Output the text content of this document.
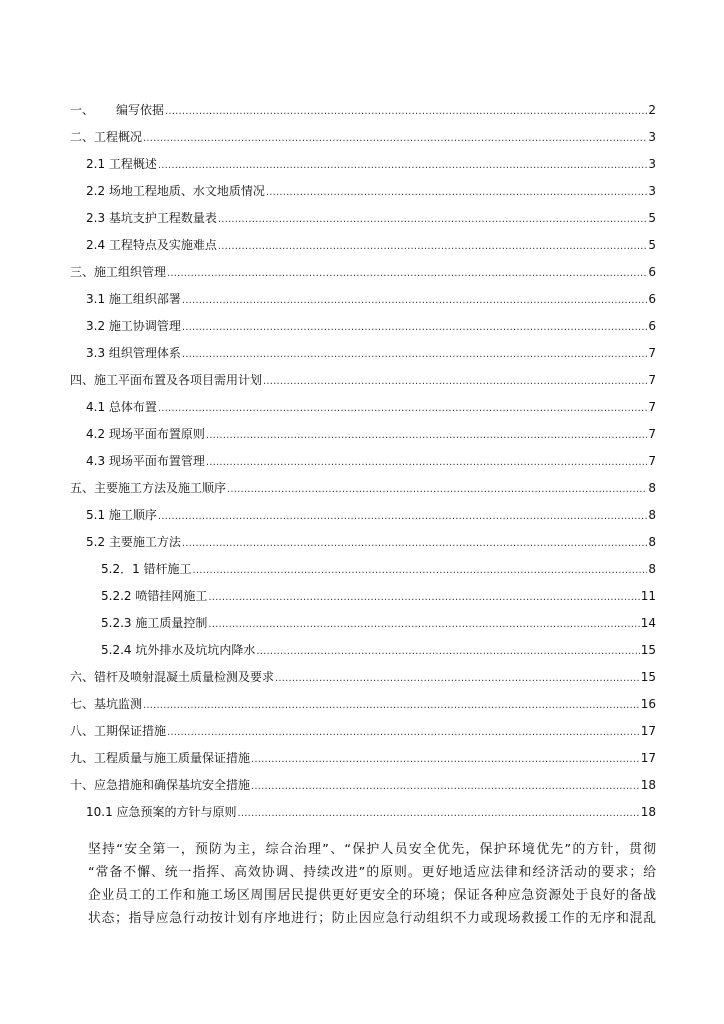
一、 编写依据 .....	2
二、工程概况 .....	3
2.1 工程概述 .....	3
2.2 场地工程地质、水文地质情况 .....	3
2.3 基坑支护工程数量表 .....	5
2.4 工程特点及实施难点 .....	5
三、施工组织管理 .....	6
3.1 施工组织部署 .....	6
3.2 施工协调管理 .....	6
3.3 组织管理体系 .....	7
四、施工平面布置及各项目需用计划 .....	7
4.1 总体布置 .....	7
4.2 现场平面布置原则 .....	7
4.3 现场平面布置管理 .....	7
五、主要施工方法及施工顺序 .....	8
5.1 施工顺序 .....	8
5.2 主要施工方法 .....	8
5.2．1 错杆施工 .....	8
5.2.2 喷错挂网施工 .....	11
5.2.3 施工质量控制 .....	14
5.2.4 坑外排水及坑坑内降水 .....	15
六、错杆及喷射混凝土质量检测及要求 .....	15
七、基坑监测 .....	16
八、工期保证措施 .....	17
九、工程质量与施工质量保证措施 .....	17
十、应急措施和确保基坑安全措施 .....	18
10.1 应急预案的方针与原则 .....	18

坚持“安全第一，预防为主，综合治理”、“保护人员安全优先，保护环境优先”的方针，贯彻

“常备不懈、统一指挥、高效协调、持续改进”的原则。更好地适应法律和经济活动的要求；给

企业员工的工作和施工场区周围居民提供更好更安全的环境；保证各种应急资源处于良好的备战

状态；指导应急行动按计划有序地进行；防止因应急行动组织不力或现场救援工作的无序和混乱
